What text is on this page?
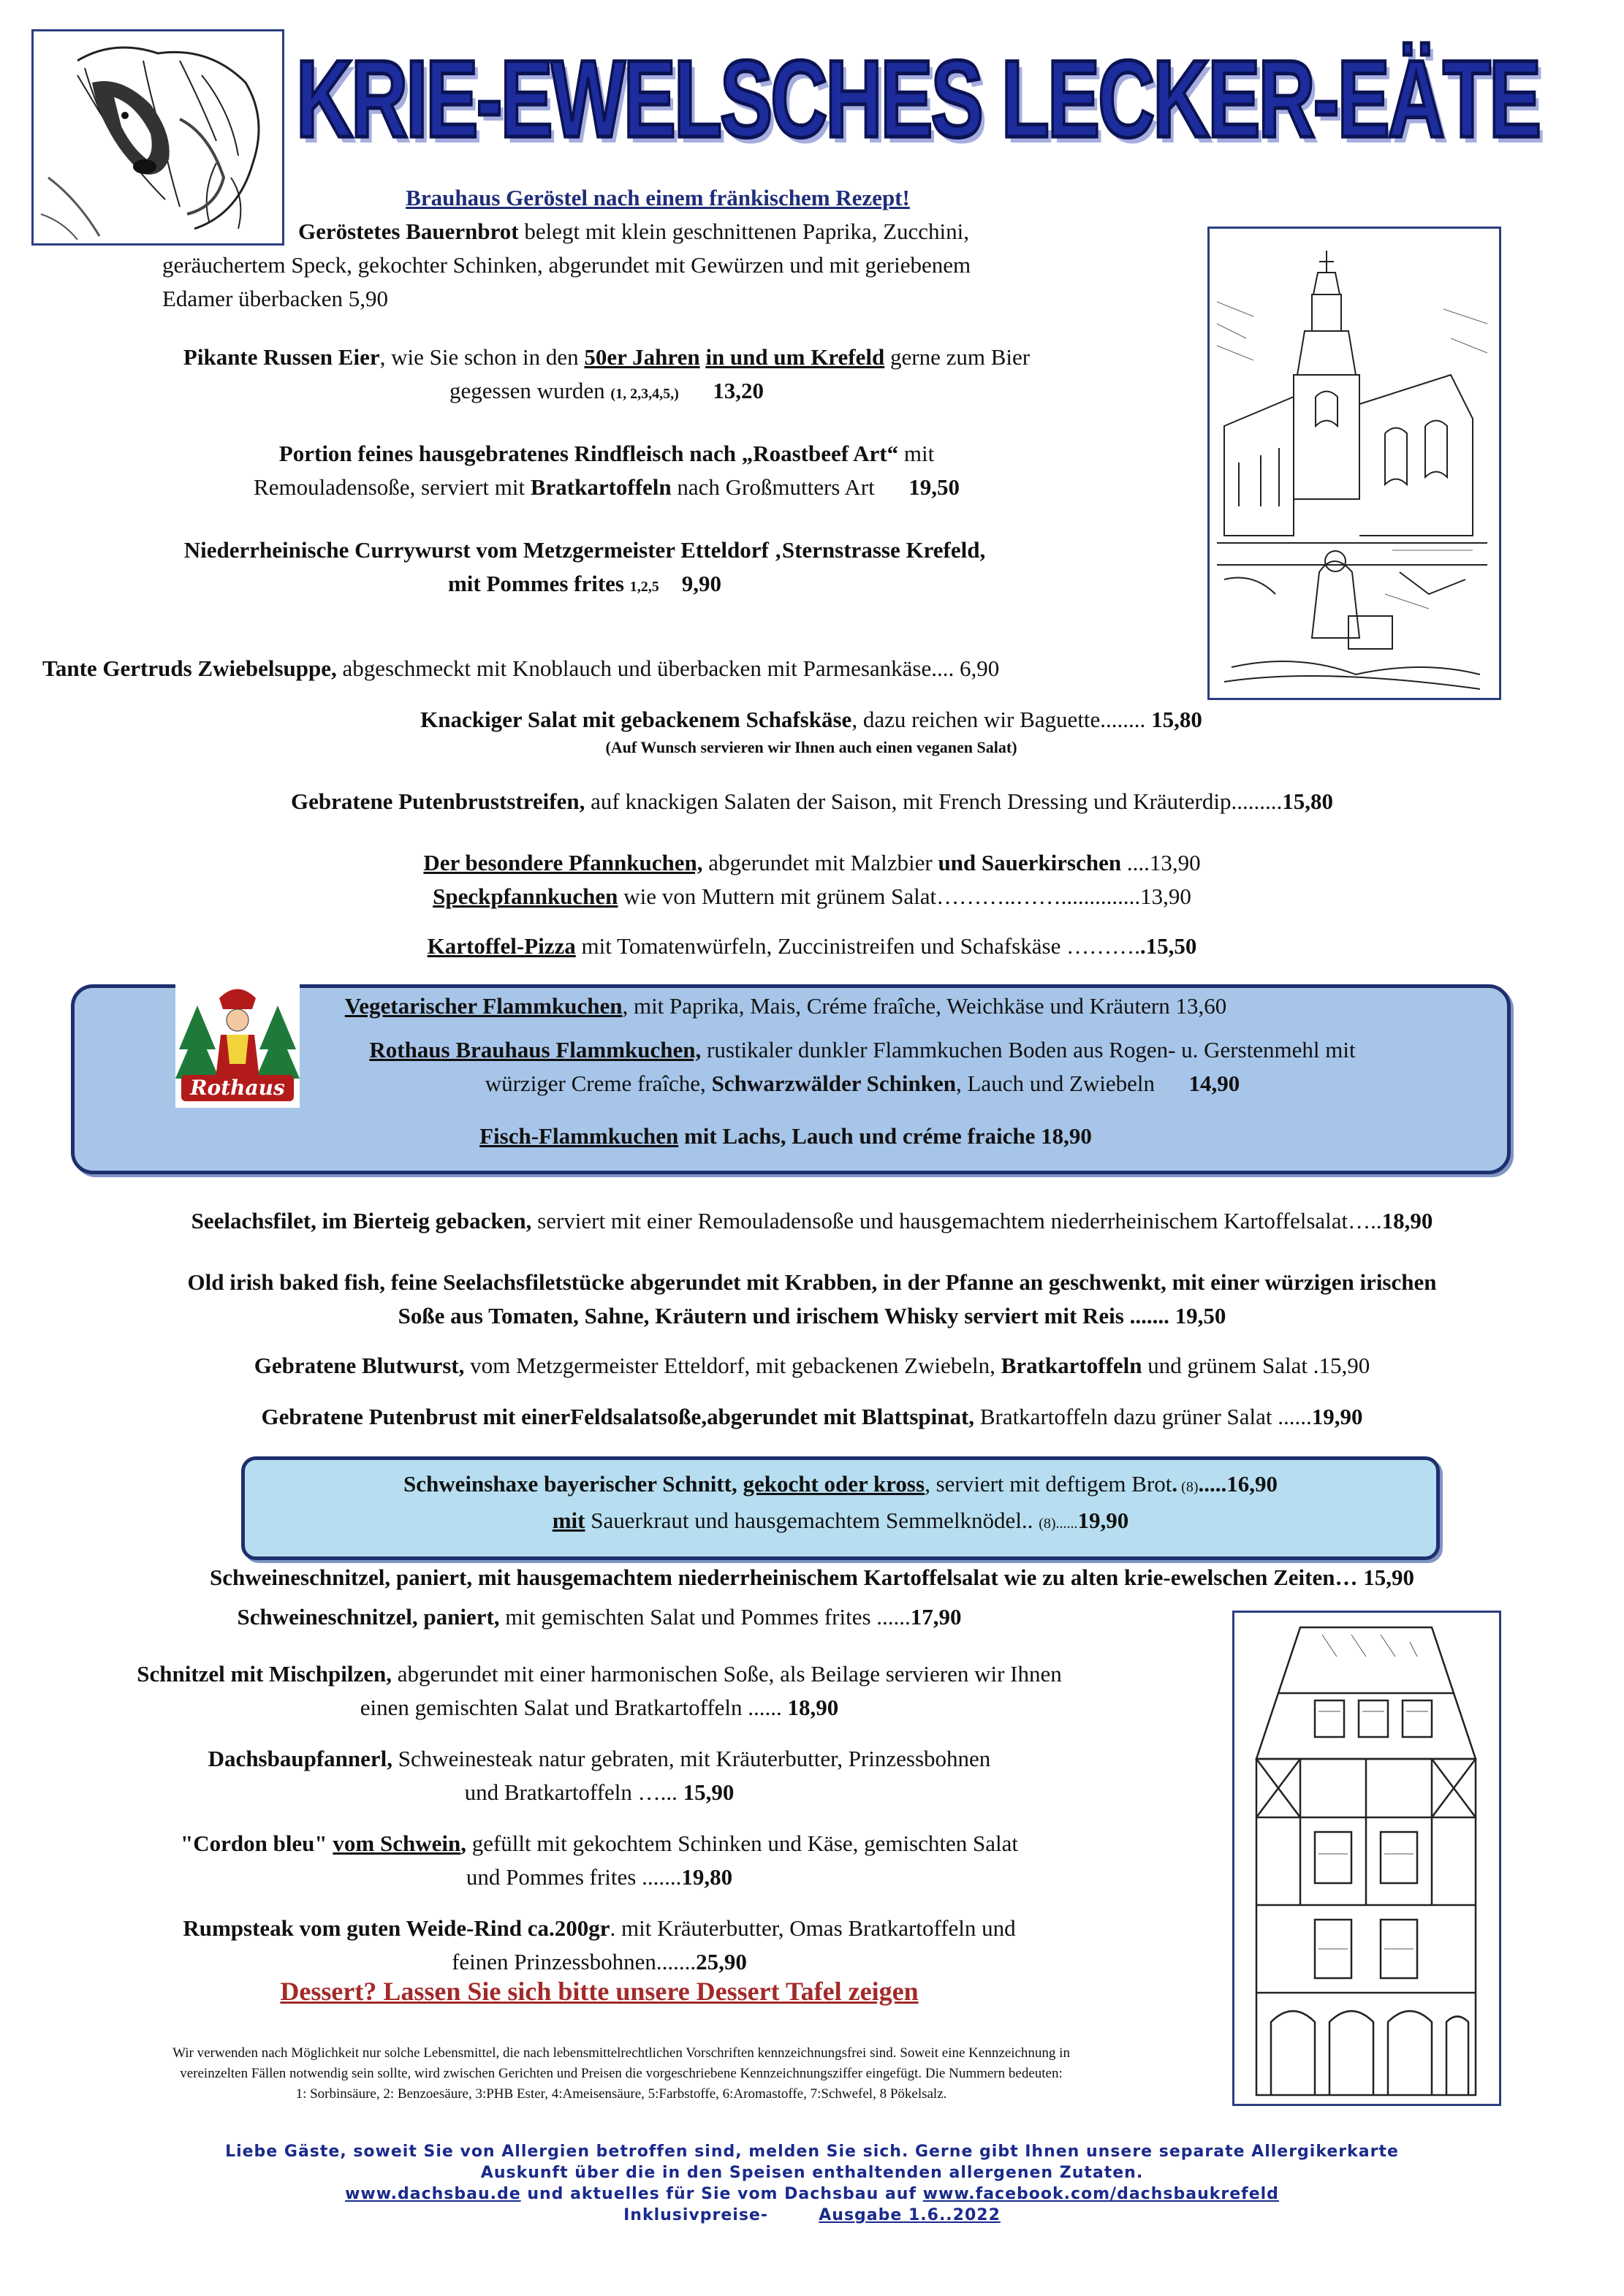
KRIE-EWELSCHES LECKER-EÄTE
Brauhaus Geröstel nach einem fränkischem Rezept!
Geröstetes Bauernbrot belegt mit klein geschnittenen Paprika, Zucchini,
geräuchertem Speck, gekochter Schinken, abgerundet mit Gewürzen und mit geriebenem
Edamer überbacken 5,90
Pikante Russen Eier, wie Sie schon in den 50er Jahren in und um Krefeld gerne zum Bier
gegessen wurden (1, 2,3,4,5,) 13,20
Portion feines hausgebratenes Rindfleisch nach „Roastbeef Art“ mit
Remouladensoße, serviert mit Bratkartoffeln nach Großmutters Art 19,50
Niederrheinische Currywurst vom Metzgermeister Etteldorf ‚Sternstrasse Krefeld,
mit Pommes frites 1,2,5 9,90
Tante Gertruds Zwiebelsuppe, abgeschmeckt mit Knoblauch und überbacken mit Parmesankäse.... 6,90
Knackiger Salat mit gebackenem Schafskäse, dazu reichen wir Baguette........ 15,80
(Auf Wunsch servieren wir Ihnen auch einen veganen Salat)
Gebratene Putenbruststreifen, auf knackigen Salaten der Saison, mit French Dressing und Kräuterdip.........15,80
Der besondere Pfannkuchen, abgerundet mit Malzbier und Sauerkirschen ....13,90
Speckpfannkuchen wie von Muttern mit grünem Salat………..……..............13,90
Kartoffel-Pizza mit Tomatenwürfeln, Zuccinistreifen und Schafskäse ………..15,50
Rothaus
Vegetarischer Flammkuchen, mit Paprika, Mais, Créme fraîche, Weichkäse und Kräutern 13,60
Rothaus Brauhaus Flammkuchen, rustikaler dunkler Flammkuchen Boden aus Rogen- u. Gerstenmehl mit
würziger Creme fraîche, Schwarzwälder Schinken, Lauch und Zwiebeln 14,90
Fisch-Flammkuchen mit Lachs, Lauch und créme fraiche 18,90
Seelachsfilet, im Bierteig gebacken, serviert mit einer Remouladensoße und hausgemachtem niederrheinischem Kartoffelsalat…..18,90
Old irish baked fish, feine Seelachsfiletstücke abgerundet mit Krabben, in der Pfanne an geschwenkt, mit einer würzigen irischen
Soße aus Tomaten, Sahne, Kräutern und irischem Whisky serviert mit Reis ....... 19,50
Gebratene Blutwurst, vom Metzgermeister Etteldorf, mit gebackenen Zwiebeln, Bratkartoffeln und grünem Salat .15,90
Gebratene Putenbrust mit einerFeldsalatsoße,abgerundet mit Blattspinat, Bratkartoffeln dazu grüner Salat ......19,90
Schweinshaxe bayerischer Schnitt, gekocht oder kross, serviert mit deftigem Brot. (8).....16,90
mit Sauerkraut und hausgemachtem Semmelknödel.. (8)......19,90
Schweineschnitzel, paniert, mit hausgemachtem niederrheinischem Kartoffelsalat wie zu alten krie-ewelschen Zeiten… 15,90
Schweineschnitzel, paniert, mit gemischten Salat und Pommes frites ......17,90
Schnitzel mit Mischpilzen, abgerundet mit einer harmonischen Soße, als Beilage servieren wir Ihnen
einen gemischten Salat und Bratkartoffeln ...... 18,90
Dachsbaupfannerl, Schweinesteak natur gebraten, mit Kräuterbutter, Prinzessbohnen
und Bratkartoffeln …... 15,90
"Cordon bleu" vom Schwein, gefüllt mit gekochtem Schinken und Käse, gemischten Salat
und Pommes frites .......19,80
Rumpsteak vom guten Weide-Rind ca.200gr. mit Kräuterbutter, Omas Bratkartoffeln und
feinen Prinzessbohnen.......25,90
Dessert? Lassen Sie sich bitte unsere Dessert Tafel zeigen
Wir verwenden nach Möglichkeit nur solche Lebensmittel, die nach lebensmittelrechtlichen Vorschriften kennzeichnungsfrei sind. Soweit eine Kennzeichnung in
vereinzelten Fällen notwendig sein sollte, wird zwischen Gerichten und Preisen die vorgeschriebene Kennzeichnungsziffer eingefügt. Die Nummern bedeuten:
1: Sorbinsäure, 2: Benzoesäure, 3:PHB Ester, 4:Ameisensäure, 5:Farbstoffe, 6:Aromastoffe, 7:Schwefel, 8 Pökelsalz.
Liebe Gäste, soweit Sie von Allergien betroffen sind, melden Sie sich. Gerne gibt Ihnen unsere separate Allergikerkarte
Auskunft über die in den Speisen enthaltenden allergenen Zutaten.
www.dachsbau.de und aktuelles für Sie vom Dachsbau auf www.facebook.com/dachsbaukrefeld
Inklusivpreise-	Ausgabe 1.6..2022
